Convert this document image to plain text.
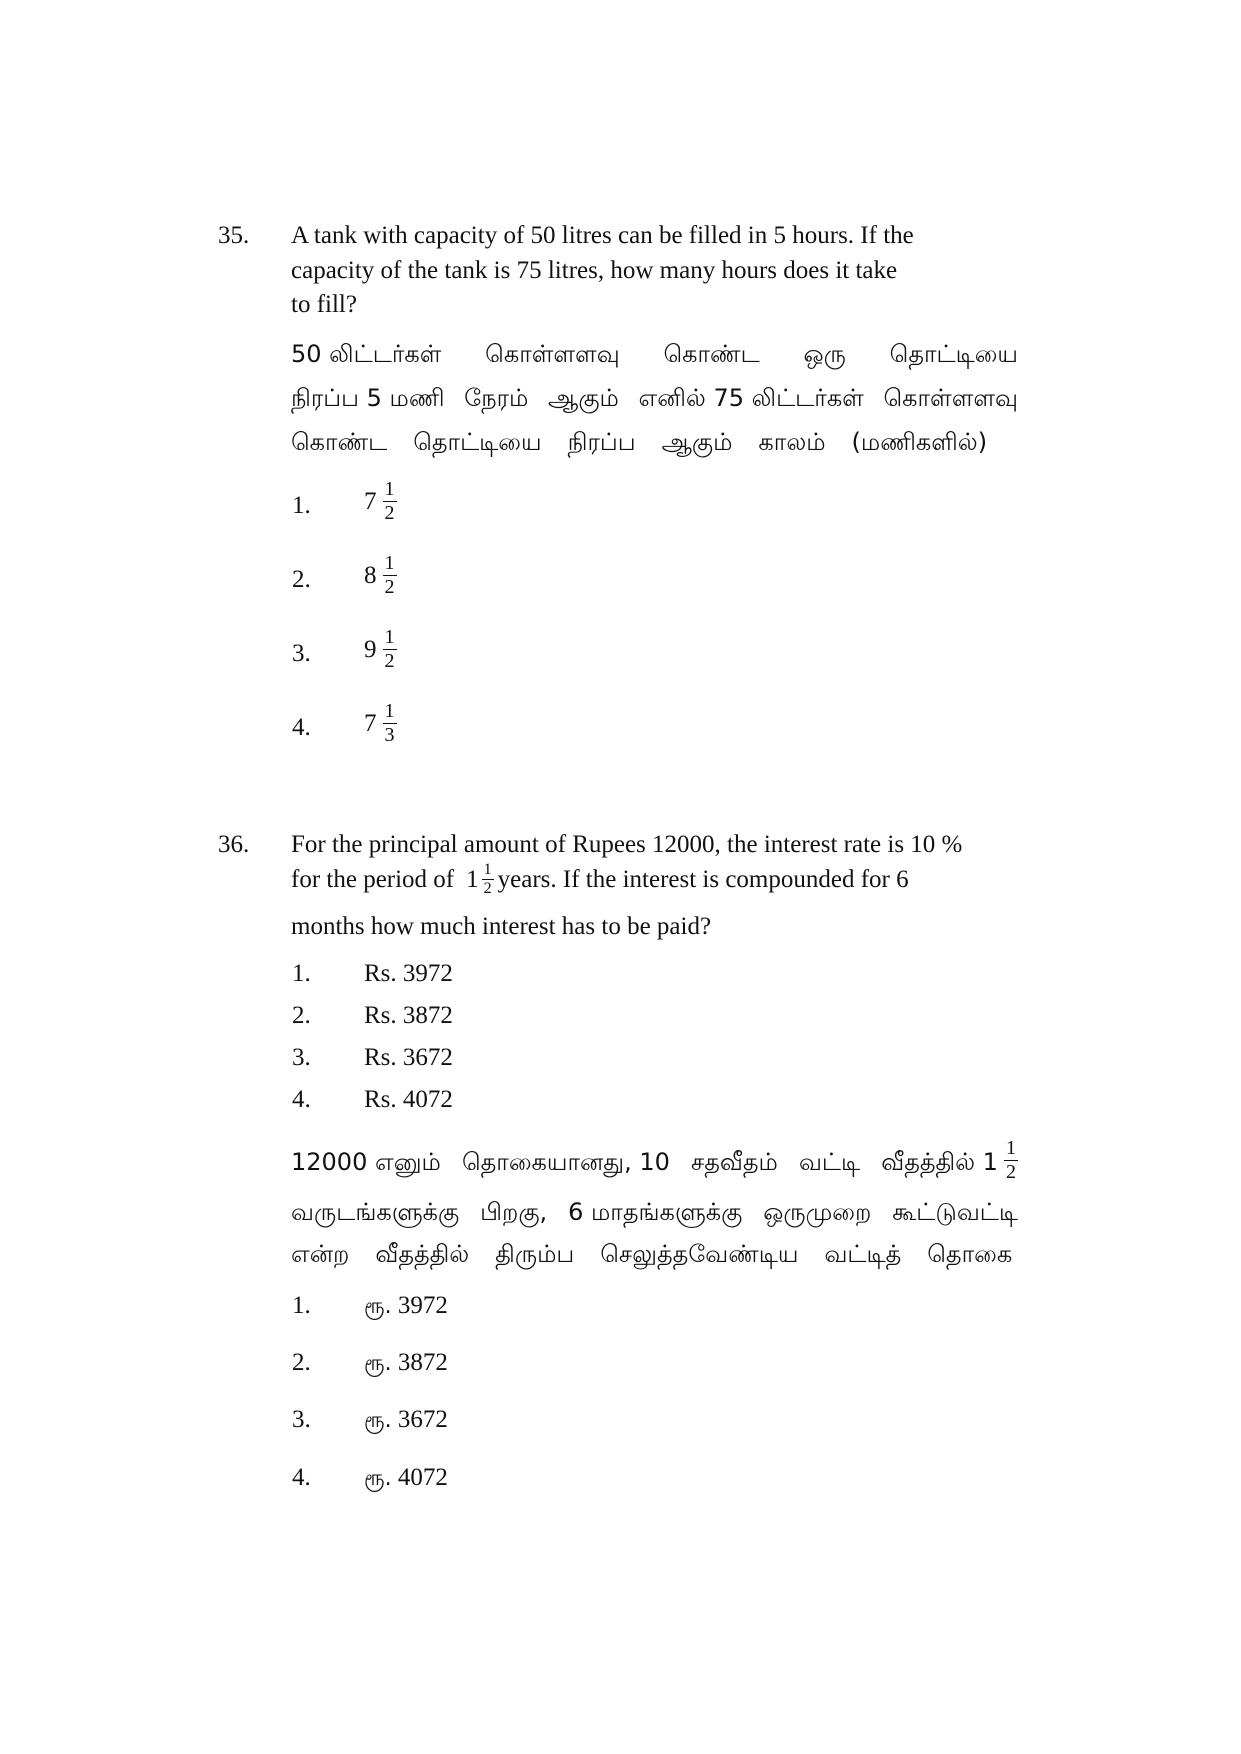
35. A tank with capacity of 50 litres can be filled in 5 hours. If the
capacity of the tank is 75 litres, how many hours does it take
to fill?
50 லிட்டர்கள் கொள்ளளவு கொண்ட ஒரு தொட்டியை
நிரப்ப 5 மணி நேரம் ஆகும் எனில் 75 லிட்டர்கள் கொள்ளளவு
கொண்ட தொட்டியை நிரப்ப ஆகும் காலம் (மணிகளில்)
1. $7 \frac{1}{2}$
2. $8 \frac{1}{2}$
3. $9 \frac{1}{2}$
4. $7 \frac{1}{3}$
36. For the principal amount of Rupees 12000, the interest rate is 10 %
for the period of $1 \frac{1}{2}$ years. If the interest is compounded for 6
months how much interest has to be paid?
1. Rs. 3972
2. Rs. 3872
3. Rs. 3672
4. Rs. 4072
12000 எனும் தொகையானது, 10 சதவீதம் வட்டி வீதத்தில் $1 \frac{1}{2}$
வருடங்களுக்கு பிறகு, 6 மாதங்களுக்கு ஒருமுறை கூட்டுவட்டி
என்ற வீதத்தில் திரும்ப செலுத்தவேண்டிய வட்டித் தொகை
1. ரூ. 3972
2. ரூ. 3872
3. ரூ. 3672
4. ரூ. 4072
